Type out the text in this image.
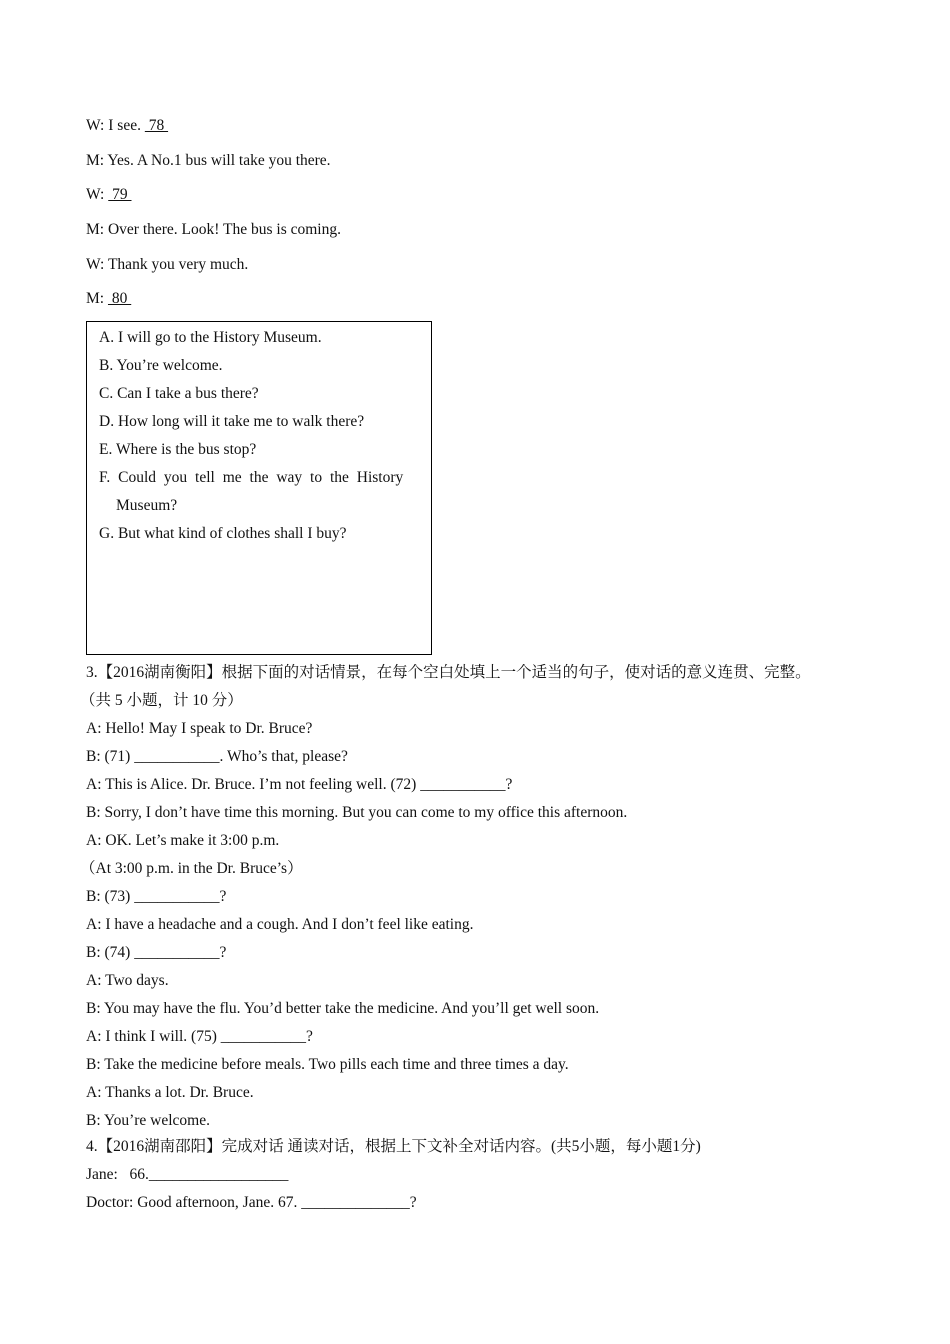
W: I see.  78
M: Yes. A No.1 bus will take you there.
W:  79
M: Over there. Look! The bus is coming.
W: Thank you very much.
M:  80
A. I will go to the History Museum.
B. You’re welcome.
C. Can I take a bus there?
D. How long will it take me to walk there?
E. Where is the bus stop?
F. Could you tell me the way to the History
Museum?
G. But what kind of clothes shall I buy?
3.【2016湖南衡阳】根据下面的对话情景，在每个空白处填上一个适当的句子，使对话的意义连贯、完整。
（共 5 小题，计 10 分）
A: Hello! May I speak to Dr. Bruce?
B: (71) ___________. Who’s that, please?
A: This is Alice. Dr. Bruce. I’m not feeling well. (72) ___________?
B: Sorry, I don’t have time this morning. But you can come to my office this afternoon.
A: OK. Let’s make it 3:00 p.m.
（At 3:00 p.m. in the Dr. Bruce’s）
B: (73) ___________?
A: I have a headache and a cough. And I don’t feel like eating.
B: (74) ___________?
A: Two days.
B: You may have the flu. You’d better take the medicine. And you’ll get well soon.
A: I think I will. (75) ___________?
B: Take the medicine before meals. Two pills each time and three times a day.
A: Thanks a lot. Dr. Bruce.
B: You’re welcome.
4.【2016湖南邵阳】完成对话 通读对话，根据上下文补全对话内容。(共5小题，每小题1分)
Jane:   66.__________________
Doctor: Good afternoon, Jane. 67. ______________?
